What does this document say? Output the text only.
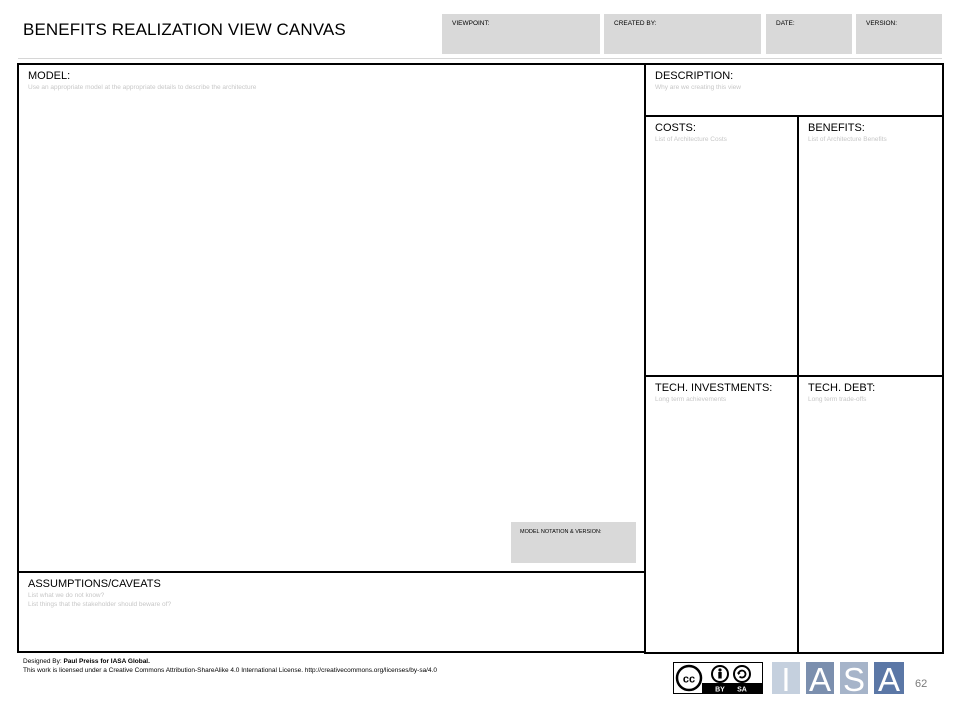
BENEFITS REALIZATION VIEW CANVAS	VIEWPOINT:	CREATED BY:	DATE:	VERSION:
MODEL:
Use an appropriate model at the appropriate details to describe the architecture
MODEL NOTATION & VERSION:
ASSUMPTIONS/CAVEATS
List what we do not know?
List things that the stakeholder should beware of?
DESCRIPTION:
Why are we creating this view
COSTS:
List of Architecture Costs
BENEFITS:
List of Architecture Benefits
TECH. INVESTMENTS:
Long term achievements
TECH. DEBT:
Long term trade-offs
Designed By: Paul Preiss for IASA Global.
This work is licensed under a Creative Commons Attribution-ShareAlike 4.0 International License. http://creativecommons.org/licenses/by-sa/4.0
cc
BY SA I A S A 62
